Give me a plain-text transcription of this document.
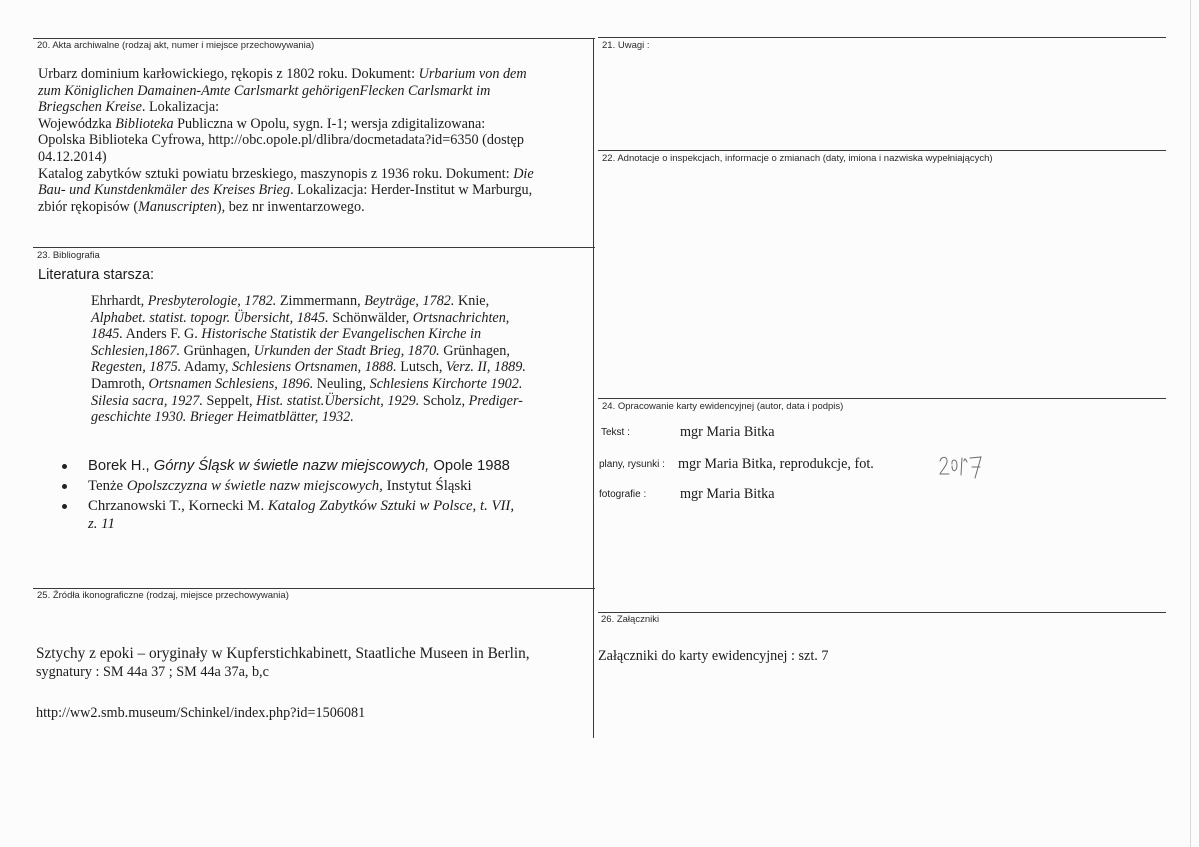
20. Akta archiwalne (rodzaj akt, numer i miejsce przechowywania)
Urbarz dominium karłowickiego, rękopis z 1802 roku. Dokument: Urbarium von dem
zum Königlichen Damainen-Amte Carlsmarkt gehörigenFlecken Carlsmarkt im
Briegschen Kreise. Lokalizacja:
Wojewódzka Biblioteka Publiczna w Opolu, sygn. I-1; wersja zdigitalizowana:
Opolska Biblioteka Cyfrowa, http://obc.opole.pl/dlibra/docmetadata?id=6350 (dostęp
04.12.2014)
Katalog zabytków sztuki powiatu brzeskiego, maszynopis z 1936 roku. Dokument: Die
Bau- und Kunstdenkmäler des Kreises Brieg. Lokalizacja: Herder-Institut w Marburgu,
zbiór rękopisów (Manuscripten), bez nr inwentarzowego.
21. Uwagi :
22. Adnotacje o inspekcjach, informacje o zmianach (daty, imiona i nazwiska wypełniających)
23. Bibliografia
Literatura starsza:
Ehrhardt, Presbyterologie, 1782. Zimmermann, Beyträge, 1782. Knie,
Alphabet. statist. topogr. Übersicht, 1845. Schönwälder, Ortsnachrichten,
1845. Anders F. G. Historische Statistik der Evangelischen Kirche in
Schlesien,1867. Grünhagen, Urkunden der Stadt Brieg, 1870. Grünhagen,
Regesten, 1875. Adamy, Schlesiens Ortsnamen, 1888. Lutsch, Verz. II, 1889.
Damroth, Ortsnamen Schlesiens, 1896. Neuling, Schlesiens Kirchorte 1902.
Silesia sacra, 1927. Seppelt, Hist. statist.Übersicht, 1929. Scholz, Prediger-
geschichte 1930. Brieger Heimatblätter, 1932.
Borek H., Górny Śląsk w świetle nazw miejscowych, Opole 1988
Tenże Opolszczyzna w świetle nazw miejscowych, Instytut Śląski
Chrzanowski T., Kornecki M. Katalog Zabytków Sztuki w Polsce, t. VII,
z. 11
24. Opracowanie karty ewidencyjnej (autor, data i podpis)
Tekst :	mgr Maria Bitka
plany, rysunki : mgr Maria Bitka, reprodukcje, fot.
fotografie : mgr Maria Bitka
25. Źródła ikonograficzne (rodzaj, miejsce przechowywania)
Sztychy z epoki – oryginały w Kupferstichkabinett, Staatliche Museen in Berlin,
sygnatury : SM 44a 37 ; SM 44a 37a, b,c
http://ww2.smb.museum/Schinkel/index.php?id=1506081
26. Załączniki
Załączniki do karty ewidencyjnej : szt. 7
